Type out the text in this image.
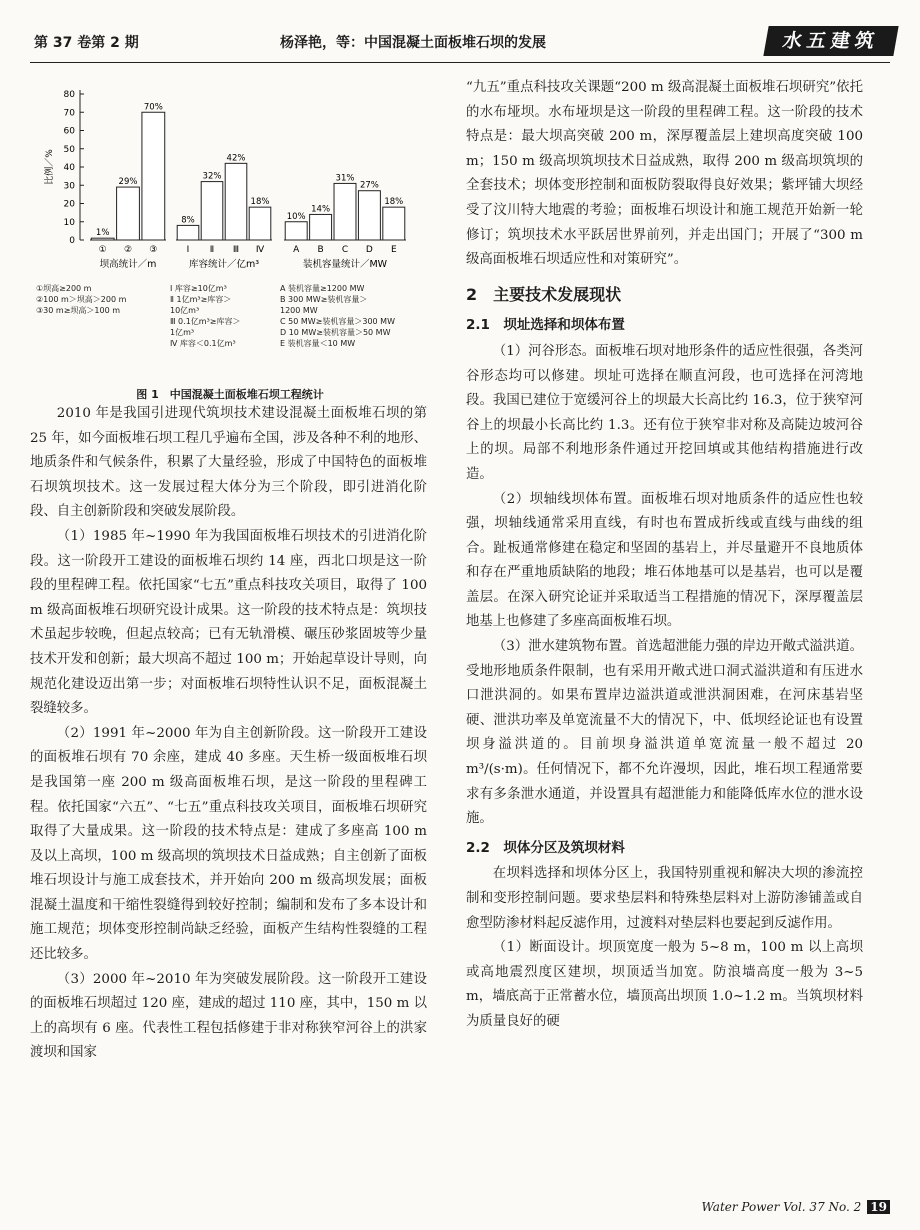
第 37 卷第 2 期	杨泽艳，等：中国混凝土面板堆石坝的发展	水五建筑
0
10
20
30
40
50
60
70
80
比例／%
1%
①
29%
②
70%
③
坝高统计／m
8%
Ⅰ
32%
Ⅱ
42%
Ⅲ
18%
Ⅳ
库容统计／亿m³
10%
A
14%
B
31%
C
27%
D
18%
E
装机容量统计／MW
①坝高≥200 m
②100 m＞坝高＞200 m
③30 m≥坝高＞100 m
Ⅰ 库容≥10亿m³
Ⅱ 1亿m³≥库容＞
10亿m³
Ⅲ 0.1亿m³≥库容＞
1亿m³
Ⅳ 库容＜0.1亿m³
A 装机容量≥1200 MW
B 300 MW≥装机容量＞
1200 MW
C 50 MW≥装机容量＞300 MW
D 10 MW≥装机容量＞50 MW
E 装机容量＜10 MW
图 1　中国混凝土面板堆石坝工程统计

2010 年是我国引进现代筑坝技术建设混凝土面板堆石坝的第 25 年，如今面板堆石坝工程几乎遍布全国，涉及各种不利的地形、地质条件和气候条件，积累了大量经验，形成了中国特色的面板堆石坝筑坝技术。这一发展过程大体分为三个阶段，即引进消化阶段、自主创新阶段和突破发展阶段。

（1）1985 年~1990 年为我国面板堆石坝技术的引进消化阶段。这一阶段开工建设的面板堆石坝约 14 座，西北口坝是这一阶段的里程碑工程。依托国家“七五”重点科技攻关项目，取得了 100 m 级高面板堆石坝研究设计成果。这一阶段的技术特点是：筑坝技术虽起步较晚，但起点较高；已有无轨滑模、碾压砂浆固坡等少量技术开发和创新；最大坝高不超过 100 m；开始起草设计导则，向规范化建设迈出第一步；对面板堆石坝特性认识不足，面板混凝土裂缝较多。

（2）1991 年~2000 年为自主创新阶段。这一阶段开工建设的面板堆石坝有 70 余座，建成 40 多座。天生桥一级面板堆石坝是我国第一座 200 m 级高面板堆石坝，是这一阶段的里程碑工程。依托国家“六五”、“七五”重点科技攻关项目，面板堆石坝研究取得了大量成果。这一阶段的技术特点是：建成了多座高 100 m 及以上高坝，100 m 级高坝的筑坝技术日益成熟；自主创新了面板堆石坝设计与施工成套技术，并开始向 200 m 级高坝发展；面板混凝土温度和干缩性裂缝得到较好控制；编制和发布了多本设计和施工规范；坝体变形控制尚缺乏经验，面板产生结构性裂缝的工程还比较多。

（3）2000 年~2010 年为突破发展阶段。这一阶段开工建设的面板堆石坝超过 120 座，建成的超过 110 座，其中，150 m 以上的高坝有 6 座。代表性工程包括修建于非对称狭窄河谷上的洪家渡坝和国家

“九五”重点科技攻关课题“200 m 级高混凝土面板堆石坝研究”依托的水布垭坝。水布垭坝是这一阶段的里程碑工程。这一阶段的技术特点是：最大坝高突破 200 m，深厚覆盖层上建坝高度突破 100 m；150 m 级高坝筑坝技术日益成熟，取得 200 m 级高坝筑坝的全套技术；坝体变形控制和面板防裂取得良好效果；紫坪铺大坝经受了汶川特大地震的考验；面板堆石坝设计和施工规范开始新一轮修订；筑坝技术水平跃居世界前列，并走出国门；开展了“300 m 级高面板堆石坝适应性和对策研究”。

2　主要技术发展现状
2.1　坝址选择和坝体布置

（1）河谷形态。面板堆石坝对地形条件的适应性很强，各类河谷形态均可以修建。坝址可选择在顺直河段，也可选择在河湾地段。我国已建位于宽缓河谷上的坝最大长高比约 16.3，位于狭窄河谷上的坝最小长高比约 1.3。还有位于狭窄非对称及高陡边坡河谷上的坝。局部不利地形条件通过开挖回填或其他结构措施进行改造。

（2）坝轴线坝体布置。面板堆石坝对地质条件的适应性也较强，坝轴线通常采用直线，有时也布置成折线或直线与曲线的组合。趾板通常修建在稳定和坚固的基岩上，并尽量避开不良地质体和存在严重地质缺陷的地段；堆石体地基可以是基岩，也可以是覆盖层。在深入研究论证并采取适当工程措施的情况下，深厚覆盖层地基上也修建了多座高面板堆石坝。

（3）泄水建筑物布置。首选超泄能力强的岸边开敞式溢洪道。受地形地质条件限制，也有采用开敞式进口洞式溢洪道和有压进水口泄洪洞的。如果布置岸边溢洪道或泄洪洞困难，在河床基岩坚硬、泄洪功率及单宽流量不大的情况下，中、低坝经论证也有设置坝身溢洪道的。目前坝身溢洪道单宽流量一般不超过 20 m³/(s·m)。任何情况下，都不允许漫坝，因此，堆石坝工程通常要求有多条泄水通道，并设置具有超泄能力和能降低库水位的泄水设施。

2.2　坝体分区及筑坝材料

在坝料选择和坝体分区上，我国特别重视和解决大坝的渗流控制和变形控制问题。要求垫层料和特殊垫层料对上游防渗铺盖或自愈型防渗材料起反滤作用，过渡料对垫层料也要起到反滤作用。

（1）断面设计。坝顶宽度一般为 5~8 m，100 m 以上高坝或高地震烈度区建坝，坝顶适当加宽。防浪墙高度一般为 3~5 m，墙底高于正常蓄水位，墙顶高出坝顶 1.0~1.2 m。当筑坝材料为质量良好的硬

Water Power Vol. 37 No. 2 19
